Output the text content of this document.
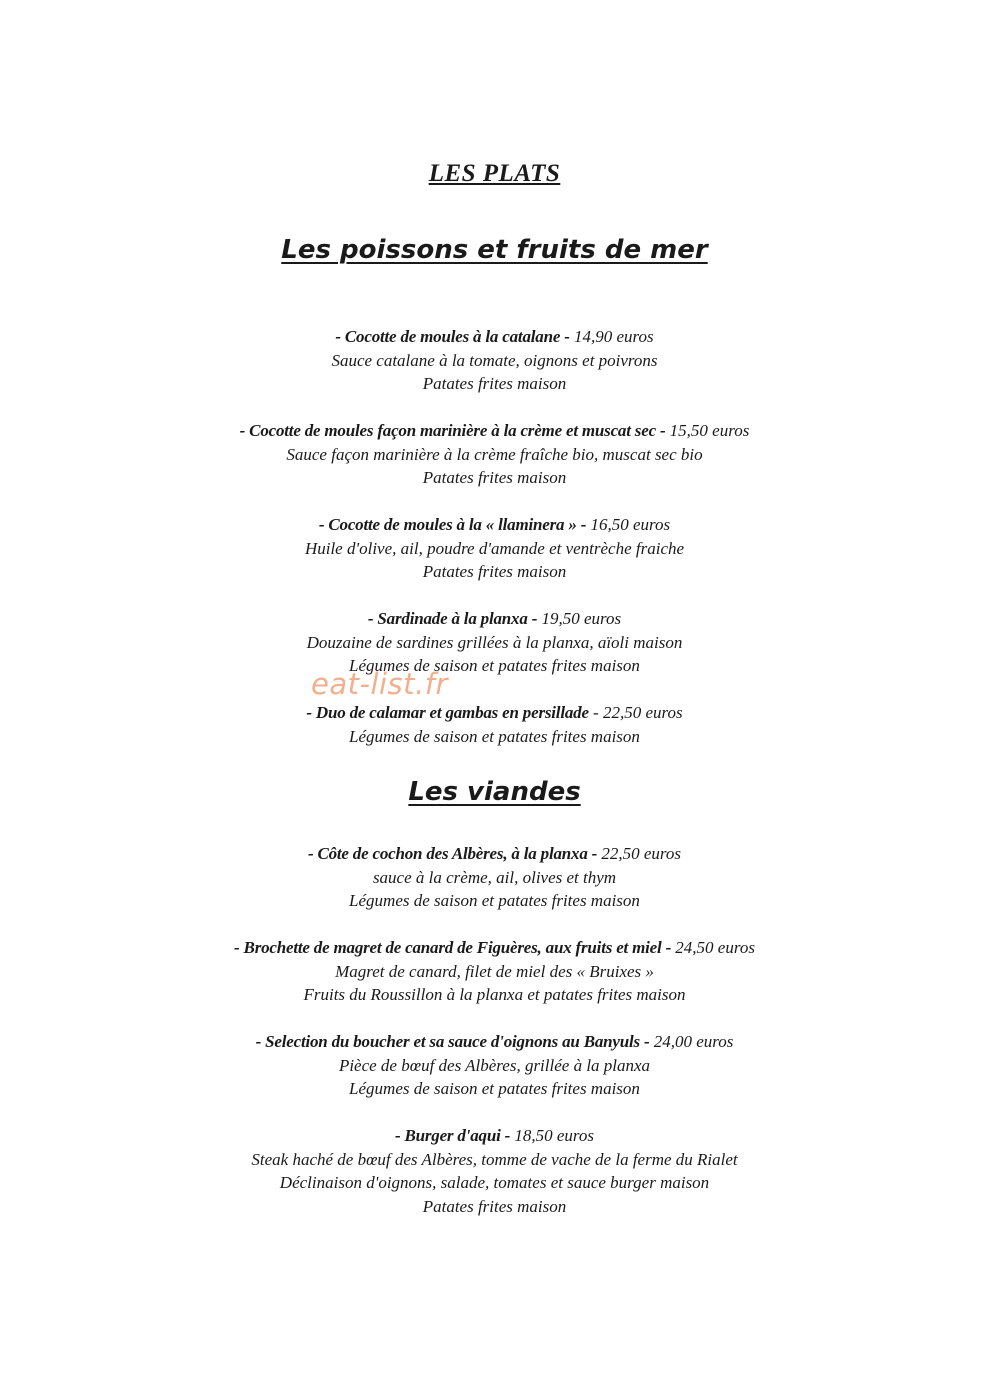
LES PLATS
Les poissons et fruits de mer
- Cocotte de moules à la catalane - 14,90 euros
Sauce catalane à la tomate, oignons et poivrons
Patates frites maison
- Cocotte de moules façon marinière à la crème et muscat sec - 15,50 euros
Sauce façon marinière à la crème fraîche bio, muscat sec bio
Patates frites maison
- Cocotte de moules à la « llaminera » - 16,50 euros
Huile d'olive, ail, poudre d'amande et ventrèche fraiche
Patates frites maison
- Sardinade à la planxa - 19,50 euros
Douzaine de sardines grillées à la planxa, aïoli maison
Légumes de saison et patates frites maison
- Duo de calamar et gambas en persillade - 22,50 euros
Légumes de saison et patates frites maison
eat-list.fr
Les viandes
- Côte de cochon des Albères, à la planxa - 22,50 euros
sauce à la crème, ail, olives et thym
Légumes de saison et patates frites maison
- Brochette de magret de canard de Figuères, aux fruits et miel - 24,50 euros
Magret de canard, filet de miel des « Bruixes »
Fruits du Roussillon à la planxa et patates frites maison
- Selection du boucher et sa sauce d'oignons au Banyuls - 24,00 euros
Pièce de bœuf des Albères, grillée à la planxa
Légumes de saison et patates frites maison
- Burger d'aqui - 18,50 euros
Steak haché de bœuf des Albères, tomme de vache de la ferme du Rialet
Déclinaison d'oignons, salade, tomates et sauce burger maison
Patates frites maison
